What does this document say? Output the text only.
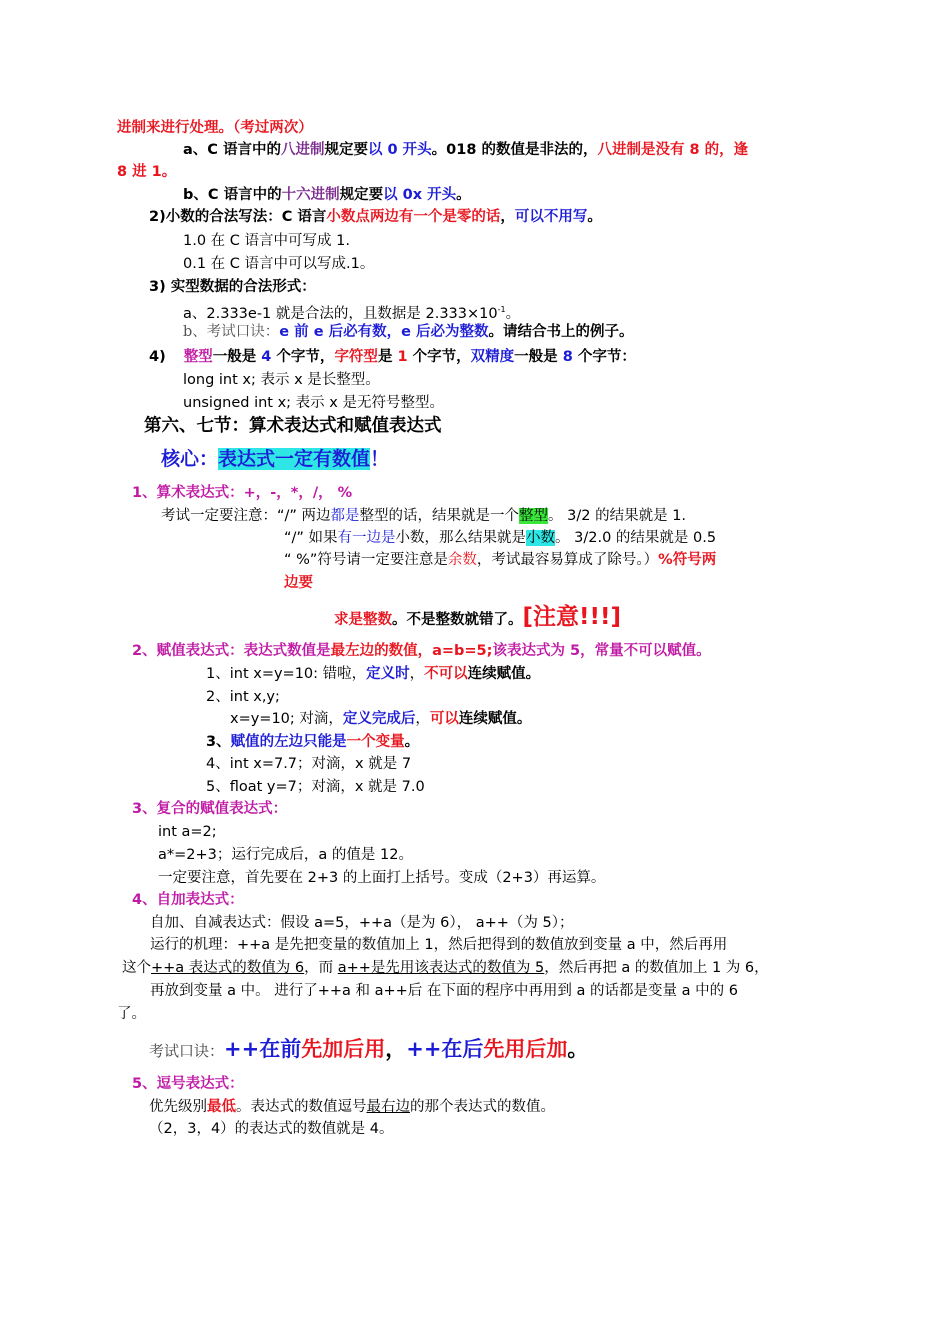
进制来进行处理。（考过两次）
a、C 语言中的八进制规定要以 0 开头。018 的数值是非法的，八进制是没有 8 的，逢
8 进 1。
b、C 语言中的十六进制规定要以 0x 开头。
2)小数的合法写法：C 语言小数点两边有一个是零的话，可以不用写。
1.0 在 C 语言中可写成 1.
0.1 在 C 语言中可以写成.1。
3) 实型数据的合法形式：
a、2.333e-1 就是合法的，且数据是 $2.333\times 10^{-1}$。
b、考试口诀：e 前 e 后必有数，e 后必为整数。请结合书上的例子。
4) 整型一般是 4 个字节，字符型是 1 个字节，双精度一般是 8 个字节：
long int x; 表示 x 是长整型。
unsigned int x; 表示 x 是无符号整型。
第六、七节：算术表达式和赋值表达式
核心：表达式一定有数值！
1、算术表达式：+，-，*，/， %
考试一定要注意：“/” 两边都是整型的话，结果就是一个整型。 3/2 的结果就是 1.
“/” 如果有一边是小数，那么结果就是小数。 3/2.0 的结果就是 0.5
“ %”符号请一定要注意是余数，考试最容易算成了除号。）%符号两
边要
求是整数。不是整数就错了。[注意!!!]
2、赋值表达式：表达式数值是最左边的数值，a=b=5;该表达式为 5，常量不可以赋值。
1、int x=y=10: 错啦，定义时，不可以连续赋值。
2、int x,y;
x=y=10; 对滴，定义完成后，可以连续赋值。
3、赋值的左边只能是一个变量。
4、int x=7.7；对滴，x 就是 7
5、float y=7；对滴，x 就是 7.0
3、复合的赋值表达式：
int a=2;
a*=2+3；运行完成后，a 的值是 12。
一定要注意，首先要在 2+3 的上面打上括号。变成（2+3）再运算。
4、自加表达式：
自加、自减表达式：假设 a=5，++a（是为 6）， a++（为 5）；
运行的机理：++a 是先把变量的数值加上 1，然后把得到的数值放到变量 a 中，然后再用
这个++a 表达式的数值为 6，而 a++是先用该表达式的数值为 5，然后再把 a 的数值加上 1 为 6，
再放到变量 a 中。 进行了++a 和 a++后 在下面的程序中再用到 a 的话都是变量 a 中的 6
了。
考试口诀：++在前先加后用，++在后先用后加。
5、逗号表达式：
优先级别最低。表达式的数值逗号最右边的那个表达式的数值。
（2，3，4）的表达式的数值就是 4。
